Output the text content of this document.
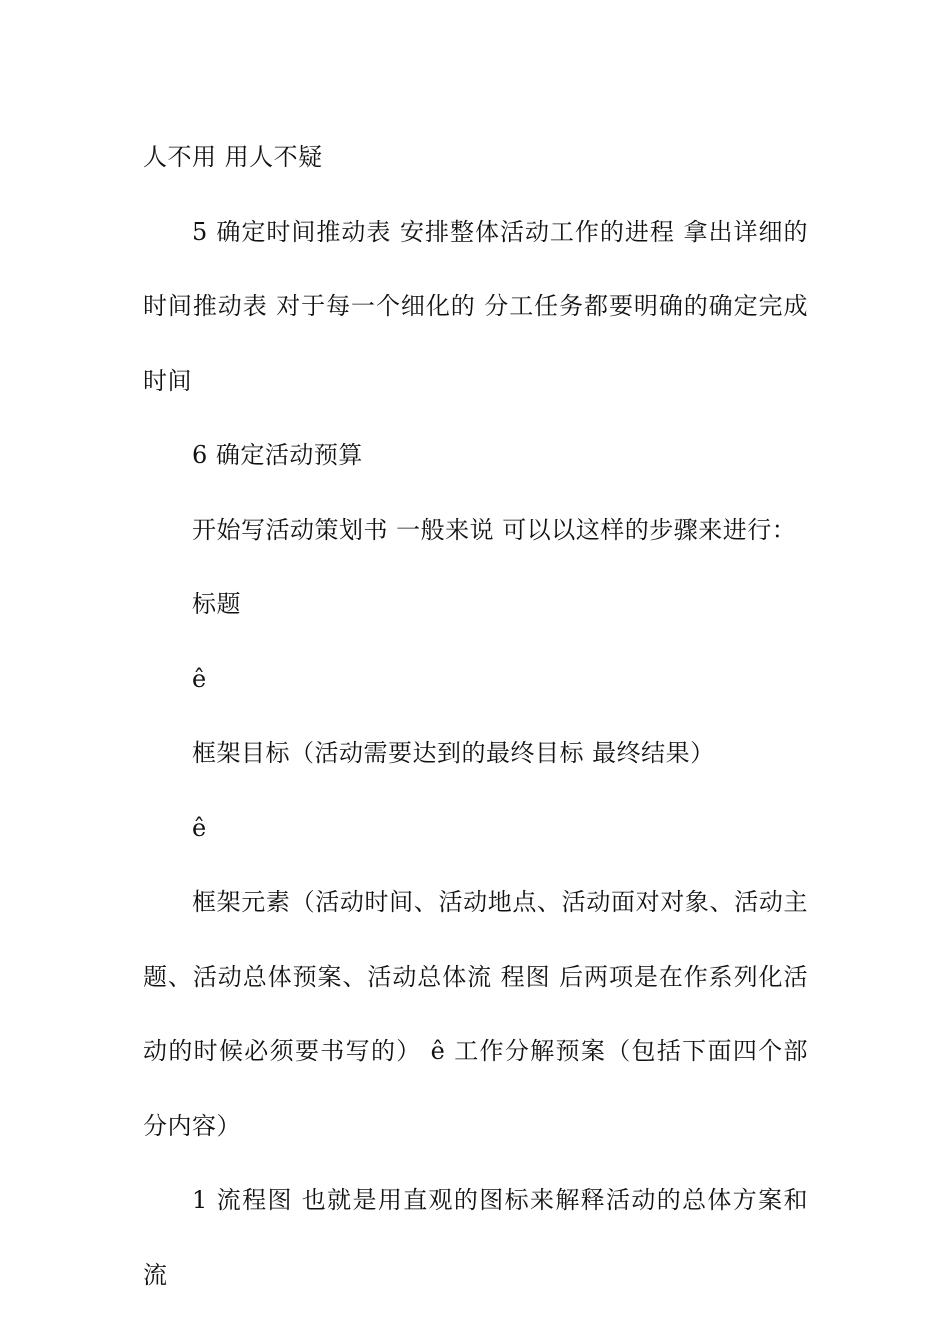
人不用 用人不疑

5 确定时间推动表 安排整体活动工作的进程 拿出详细的时间推动表 对于每一个细化的 分工任务都要明确的确定完成时间

6 确定活动预算

开始写活动策划书 一般来说 可以以这样的步骤来进行：

标题

ê

框架目标（活动需要达到的最终目标 最终结果）

ê

框架元素（活动时间、活动地点、活动面对对象、活动主题、活动总体预案、活动总体流 程图 后两项是在作系列化活动的时候必须要书写的） ê 工作分解预案（包括下面四个部分内容）

1 流程图 也就是用直观的图标来解释活动的总体方案和流
